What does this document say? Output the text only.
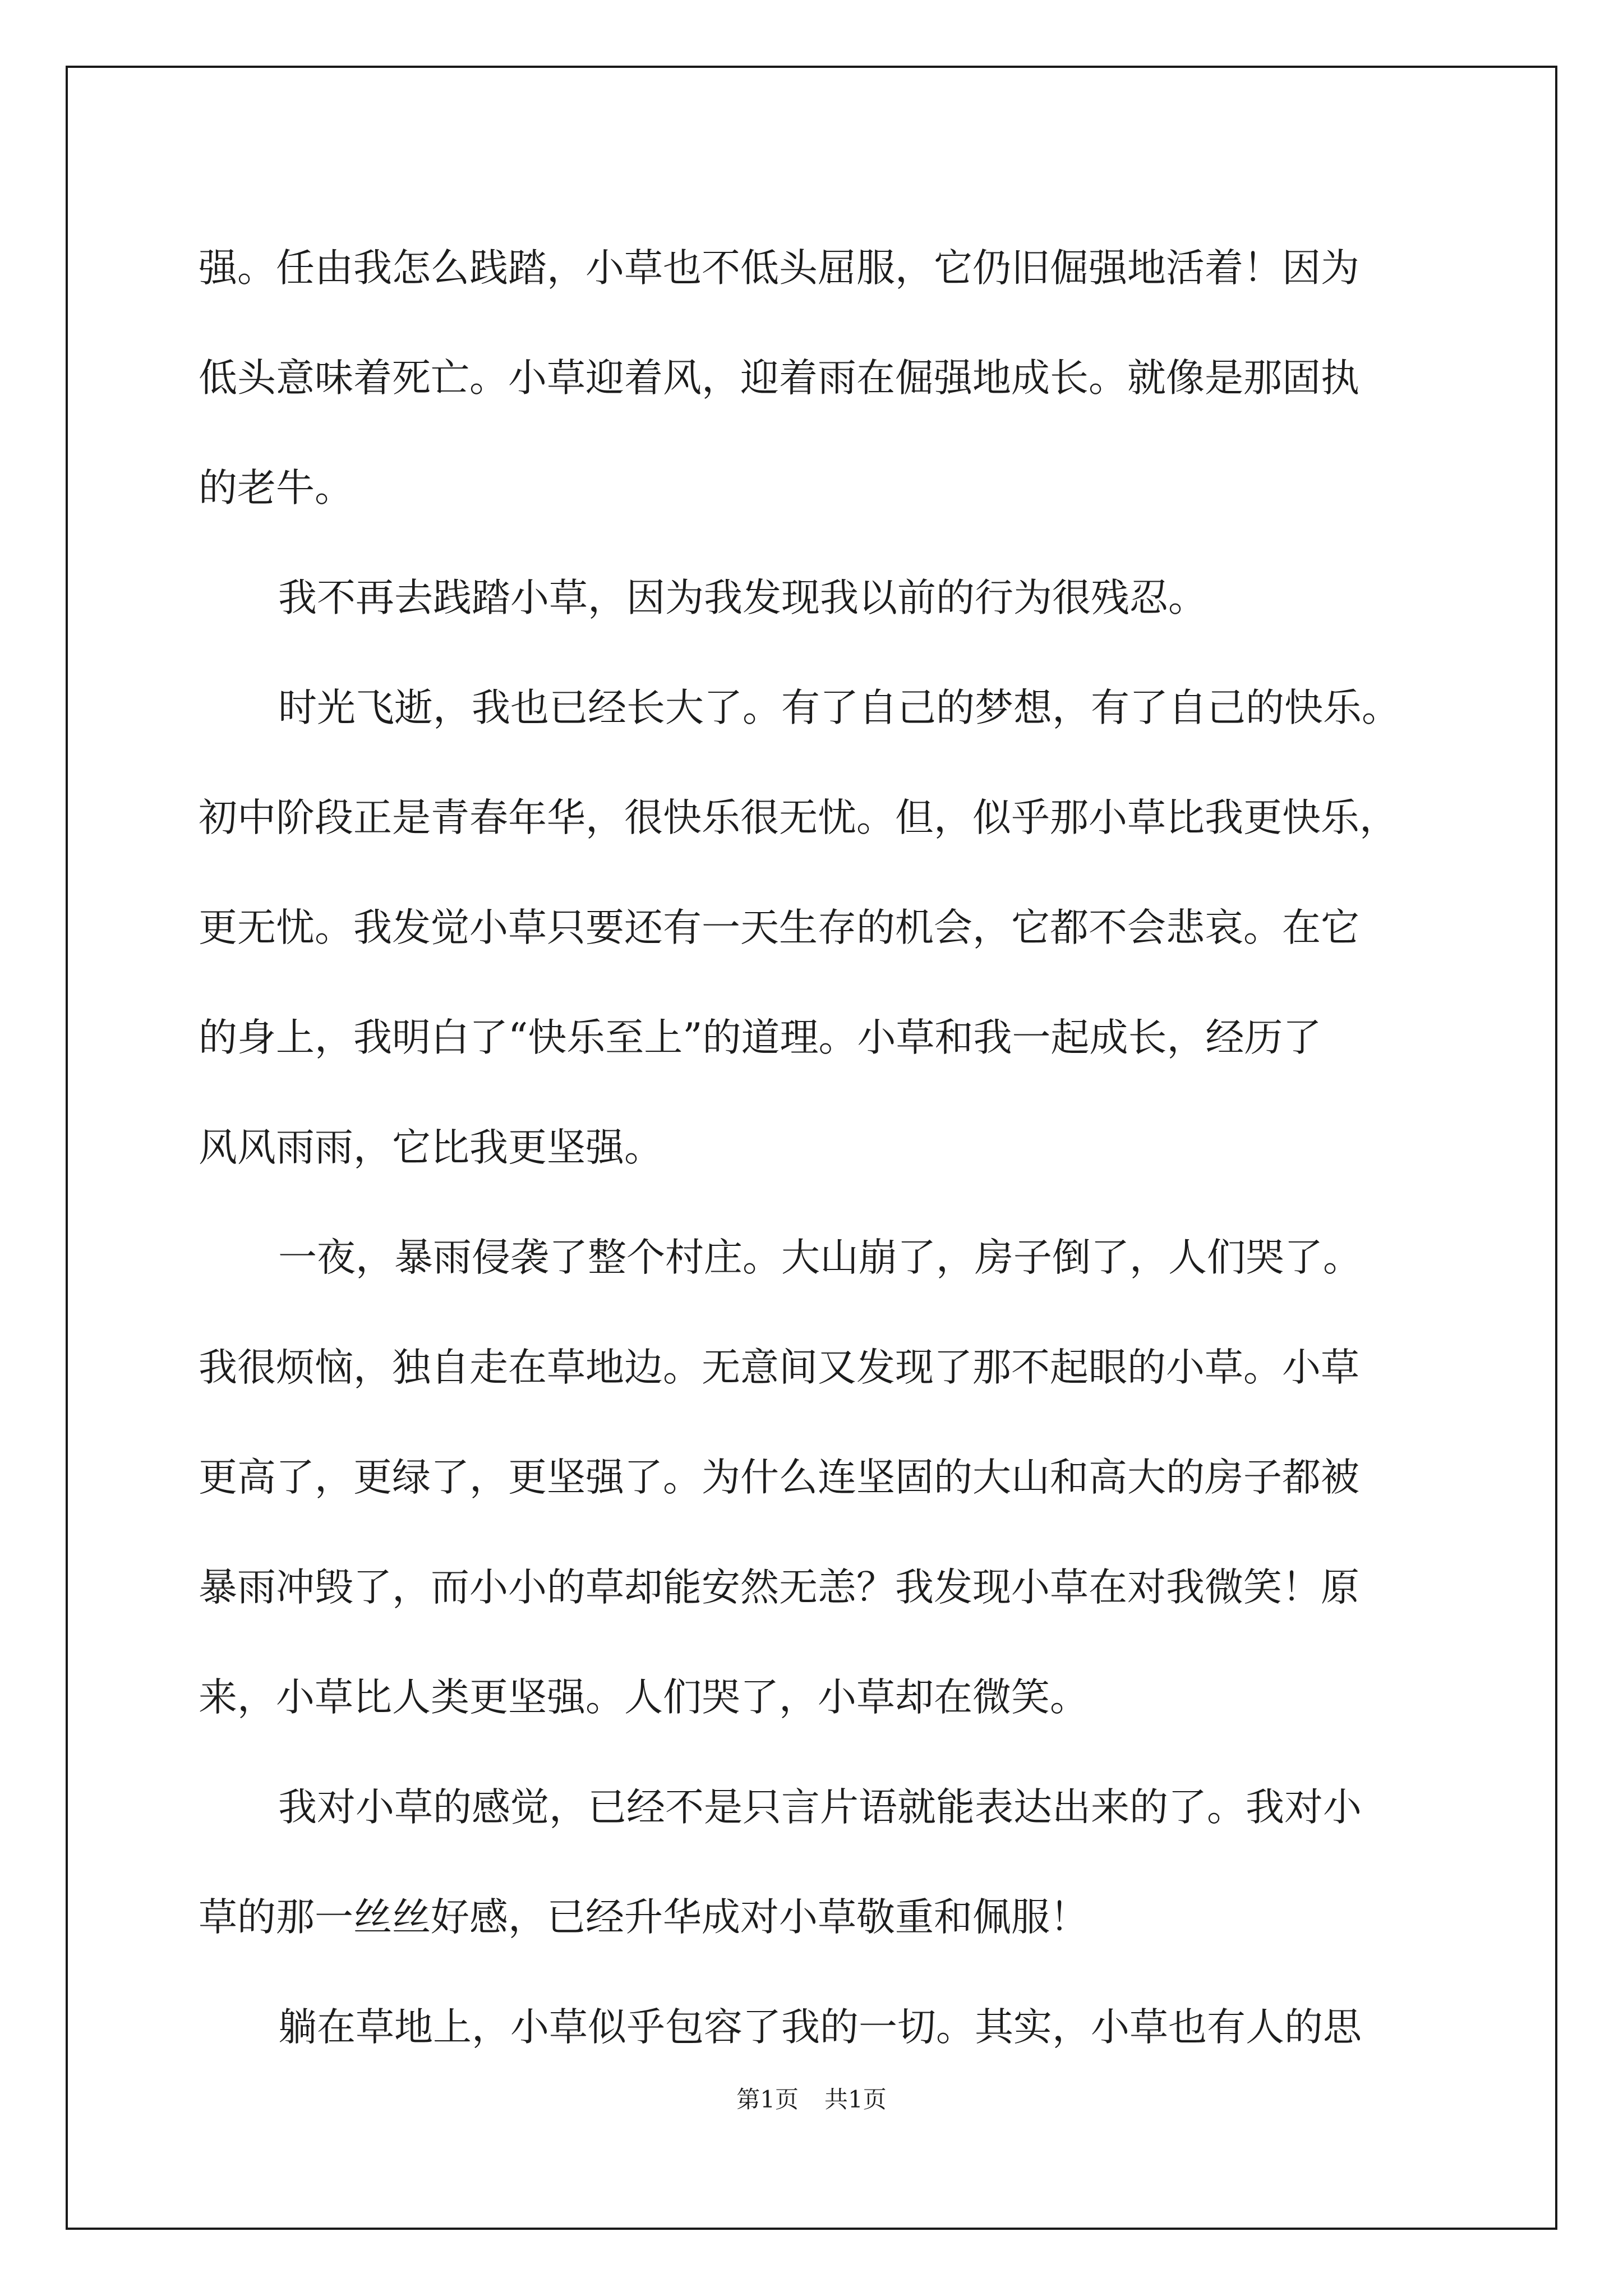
强。任由我怎么践踏，小草也不低头屈服，它仍旧倔强地活着！因为
低头意味着死亡。小草迎着风，迎着雨在倔强地成长。就像是那固执
的老牛。
我不再去践踏小草，因为我发现我以前的行为很残忍。
时光飞逝，我也已经长大了。有了自己的梦想，有了自己的快乐。
初中阶段正是青春年华，很快乐很无忧。但，似乎那小草比我更快乐，
更无忧。我发觉小草只要还有一天生存的机会，它都不会悲哀。在它
的身上，我明白了“快乐至上”的道理。小草和我一起成长，经历了
风风雨雨，它比我更坚强。
一夜，暴雨侵袭了整个村庄。大山崩了，房子倒了，人们哭了。
我很烦恼，独自走在草地边。无意间又发现了那不起眼的小草。小草
更高了，更绿了，更坚强了。为什么连坚固的大山和高大的房子都被
暴雨冲毁了，而小小的草却能安然无恙？我发现小草在对我微笑！原
来，小草比人类更坚强。人们哭了，小草却在微笑。
我对小草的感觉，已经不是只言片语就能表达出来的了。我对小
草的那一丝丝好感，已经升华成对小草敬重和佩服！
躺在草地上，小草似乎包容了我的一切。其实，小草也有人的思
第1页 共1页
